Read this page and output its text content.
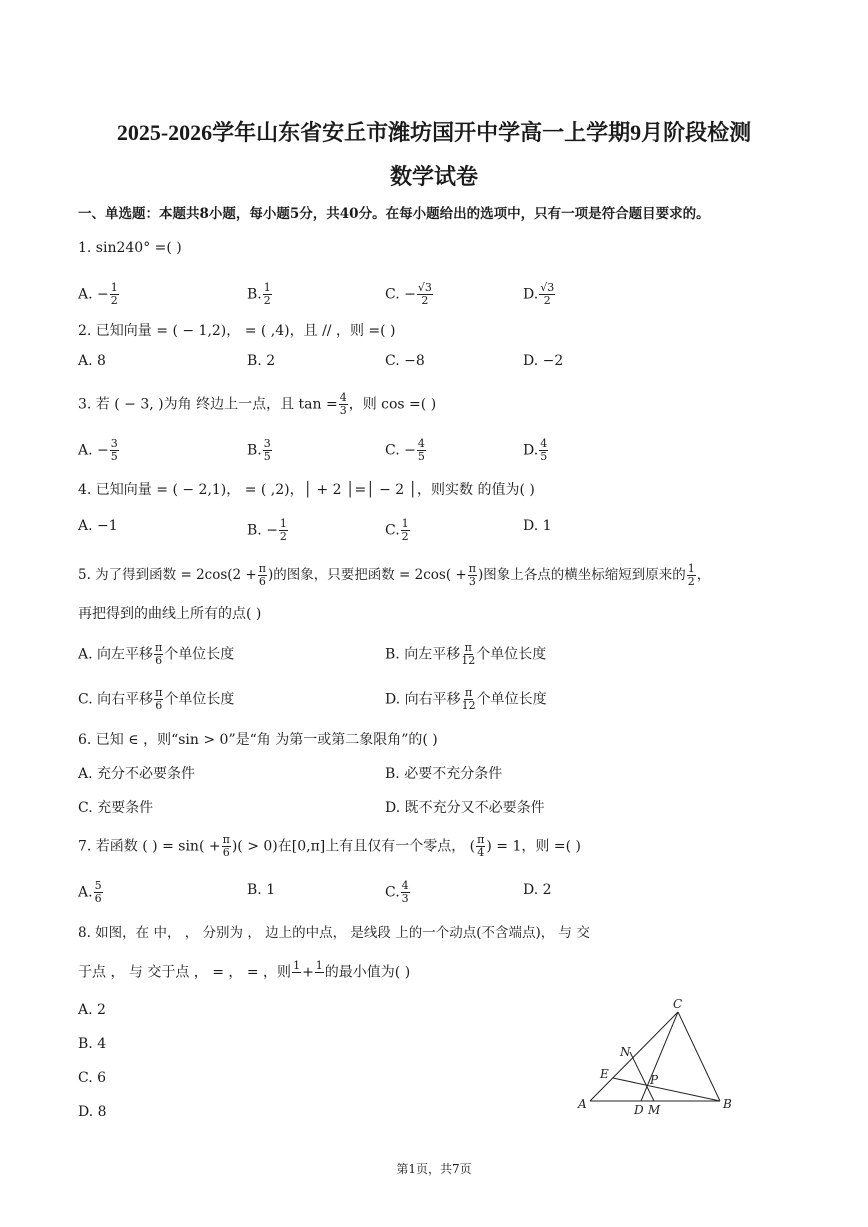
2025-2026学年山东省安丘市潍坊国开中学高一上学期9月阶段检测
数学试卷
一、单选题：本题共8小题，每小题5分，共40分。在每小题给出的选项中，只有一项是符合题目要求的。
1. sin240° =( )
A. − $\frac{1}{2}$	B. $\frac{1}{2}$	C. − $\frac{√3}{2}$	D. $\frac{√3}{2}$
2. 已知向量 = ( − 1,2)， = ( ,4)，且 // ，则 =( )
A. 8	B. 2	C. −8	D. −2
3. 若 ( − 3, )为角 终边上一点，且 $\tan = \frac{4}{3}$ ，则 cos =( )
A. − $\frac{3}{5}$	B. $\frac{3}{5}$	C. − $\frac{4}{5}$	D. $\frac{4}{5}$
4. 已知向量 = ( − 2,1)， = ( ,2)，│ + 2 │=│ − 2 │，则实数 的值为( )
A. −1	B. − $\frac{1}{2}$	C. $\frac{1}{2}$	D. 1
5. 为了得到函数 = $2\cos(2 + \frac{\pi}{6}$ )的图象，只要把函数 = $2\cos( + \frac{\pi}{3}$ )图象上各点的横坐标缩短到原来的 $\frac{1}{2}$ ，
再把得到的曲线上所有的点( )
A. 向左平移 $\frac{\pi}{6}$ 个单位长度	B. 向左平移 $\frac{\pi}{12}$ 个单位长度
C. 向右平移 $\frac{\pi}{6}$ 个单位长度	D. 向右平移 $\frac{\pi}{12}$ 个单位长度
6. 已知 ∈ ，则“sin > 0”是“角 为第一或第二象限角”的( )
A. 充分不必要条件	B. 必要不充分条件
C. 充要条件	D. 既不充分又不必要条件
7. 若函数 ( ) = $\sin( + \frac{\pi}{6}$ )( > 0)在[0,π]上有且仅有一个零点， ( $\frac{\pi}{4}$ ) = 1，则 =( )
A. $\frac{5}{6}$	B. 1	C. $\frac{4}{3}$	D. 2
8. 如图，在 中， ， 分别为 ， 边上的中点， 是线段 上的一个动点(不含端点)， 与 交
于点 ， 与 交于点 ， = ， = ，则 1
+ 1
的最小值为( )
A. 2
B. 4
C. 6
D. 8
C
N
E	P
A	D M	B
第1页，共7页
